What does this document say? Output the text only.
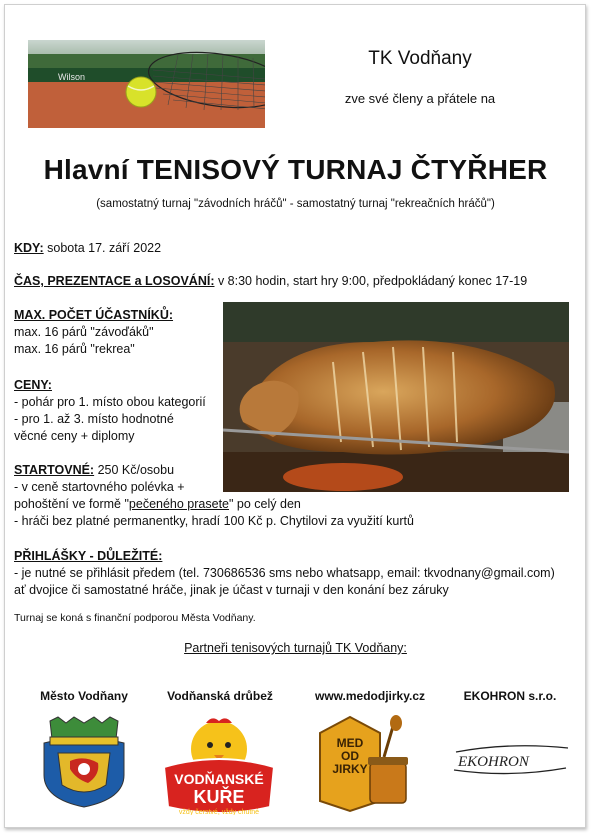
Wilson
TK Vodňany
zve své členy a přátele na
Hlavní TENISOVÝ TURNAJ ČTYŘHER
(samostatný turnaj "závodních hráčů" - samostatný turnaj "rekreačních hráčů")
KDY: sobota 17. září 2022
ČAS, PREZENTACE a LOSOVÁNÍ: v 8:30 hodin, start hry 9:00, předpokládaný konec 17-19
MAX. POČET ÚČASTNÍKŮ:
max. 16 párů "závoďáků"
max. 16 párů "rekrea"
CENY:
- pohár pro 1. místo obou kategorií
- pro 1. až 3. místo hodnotné
věcné ceny + diplomy
STARTOVNÉ: 250 Kč/osobu
- v ceně startovného polévka +
pohoštění ve formě "pečeného prasete" po celý den
- hráči bez platné permanentky, hradí 100 Kč p. Chytilovi za využití kurtů
PŘIHLÁŠKY - DŮLEŽITÉ:
- je nutné se přihlásit předem (tel. 730686536 sms nebo whatsapp, email: tkvodnany@gmail.com)
ať dvojice či samostatné hráče, jinak je účast v turnaji v den konání bez záruky
Turnaj se koná s finanční podporou Města Vodňany.
Partneři tenisových turnajů TK Vodňany:
Město Vodňany	Vodňanská drůbež	www.medodjirky.cz	EKOHRON s.r.o.
VODŇANSKÉ
KUŘE
vždy čerstvé, vždy chutné
MED
OD
JIRKY	EKOHRON
